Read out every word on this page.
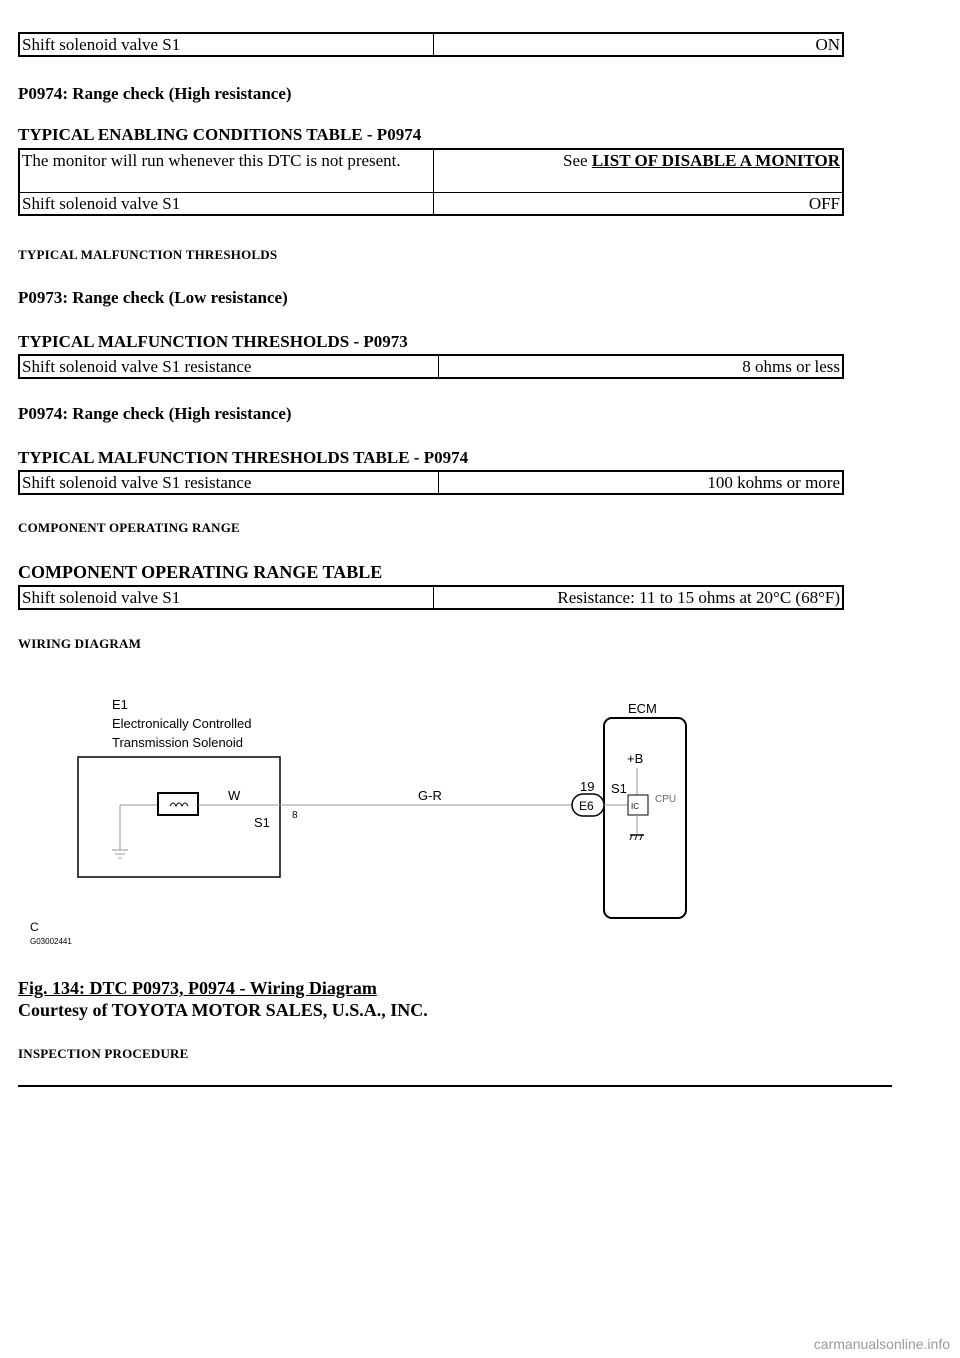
Shift solenoid valve S1	ON
P0974: Range check (High resistance)
TYPICAL ENABLING CONDITIONS TABLE - P0974
The monitor will run whenever this DTC is not present.	See LIST OF DISABLE A MONITOR
Shift solenoid valve S1	OFF
TYPICAL MALFUNCTION THRESHOLDS
P0973: Range check (Low resistance)
TYPICAL MALFUNCTION THRESHOLDS - P0973
Shift solenoid valve S1 resistance	8 ohms or less
P0974: Range check (High resistance)
TYPICAL MALFUNCTION THRESHOLDS TABLE - P0974
Shift solenoid valve S1 resistance	100 kohms or more
COMPONENT OPERATING RANGE
COMPONENT OPERATING RANGE TABLE
Shift solenoid valve S1	Resistance: 11 to 15 ohms at 20°C (68°F)
WIRING DIAGRAM
E1
Electronically Controlled
Transmission Solenoid
W
S1 8
G-R
ECM
19
E6
S1
+B
IC
CPU
C
G03002441
Fig. 134: DTC P0973, P0974 - Wiring Diagram
Courtesy of TOYOTA MOTOR SALES, U.S.A., INC.
INSPECTION PROCEDURE
carmanualsonline.info
